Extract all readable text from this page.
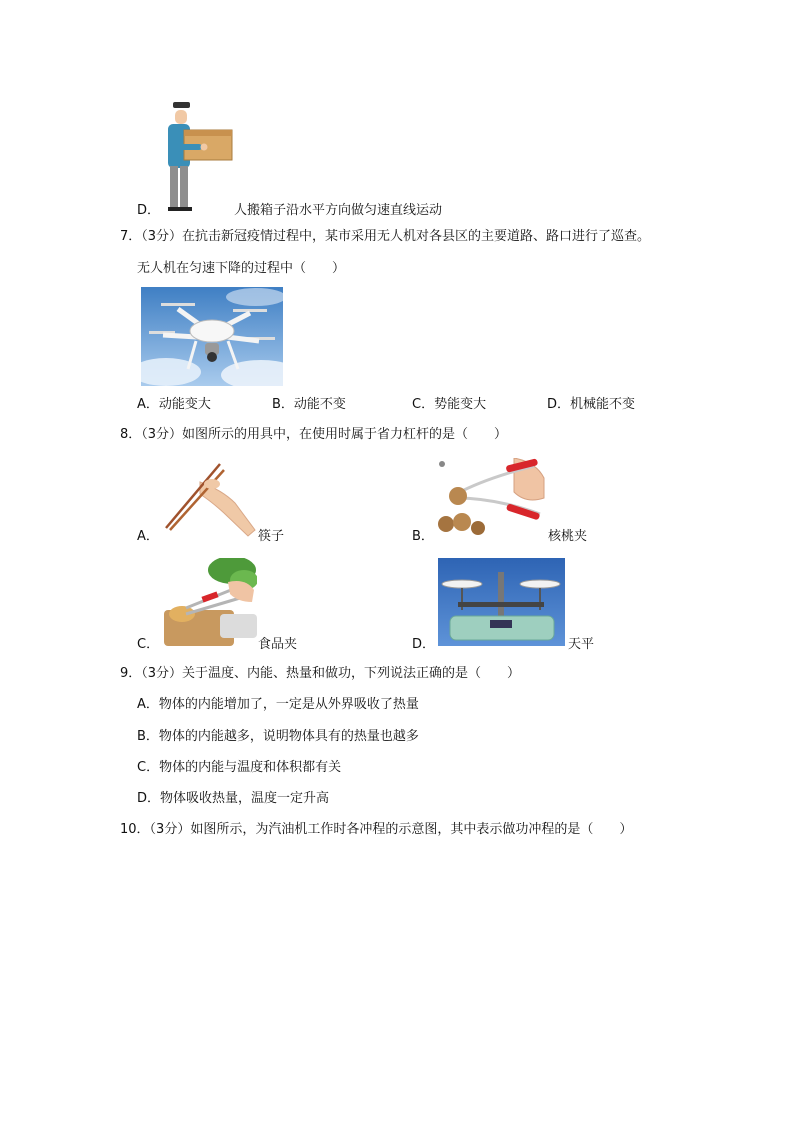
D．	人搬箱子沿水平方向做匀速直线运动
7．（3分）在抗击新冠疫情过程中，某市采用无人机对各县区的主要道路、路口进行了巡查。
无人机在匀速下降的过程中（　　）
A．动能变大	B．动能不变	C．势能变大	D．机械能不变
8．（3分）如图所示的用具中，在使用时属于省力杠杆的是（　　）
A．	筷子	B．	核桃夹
C．	食品夹	D．	天平
9．（3分）关于温度、内能、热量和做功，下列说法正确的是（　　）
A．物体的内能增加了，一定是从外界吸收了热量
B．物体的内能越多，说明物体具有的热量也越多
C．物体的内能与温度和体积都有关
D．物体吸收热量，温度一定升高
10．（3分）如图所示，为汽油机工作时各冲程的示意图，其中表示做功冲程的是（　　）
